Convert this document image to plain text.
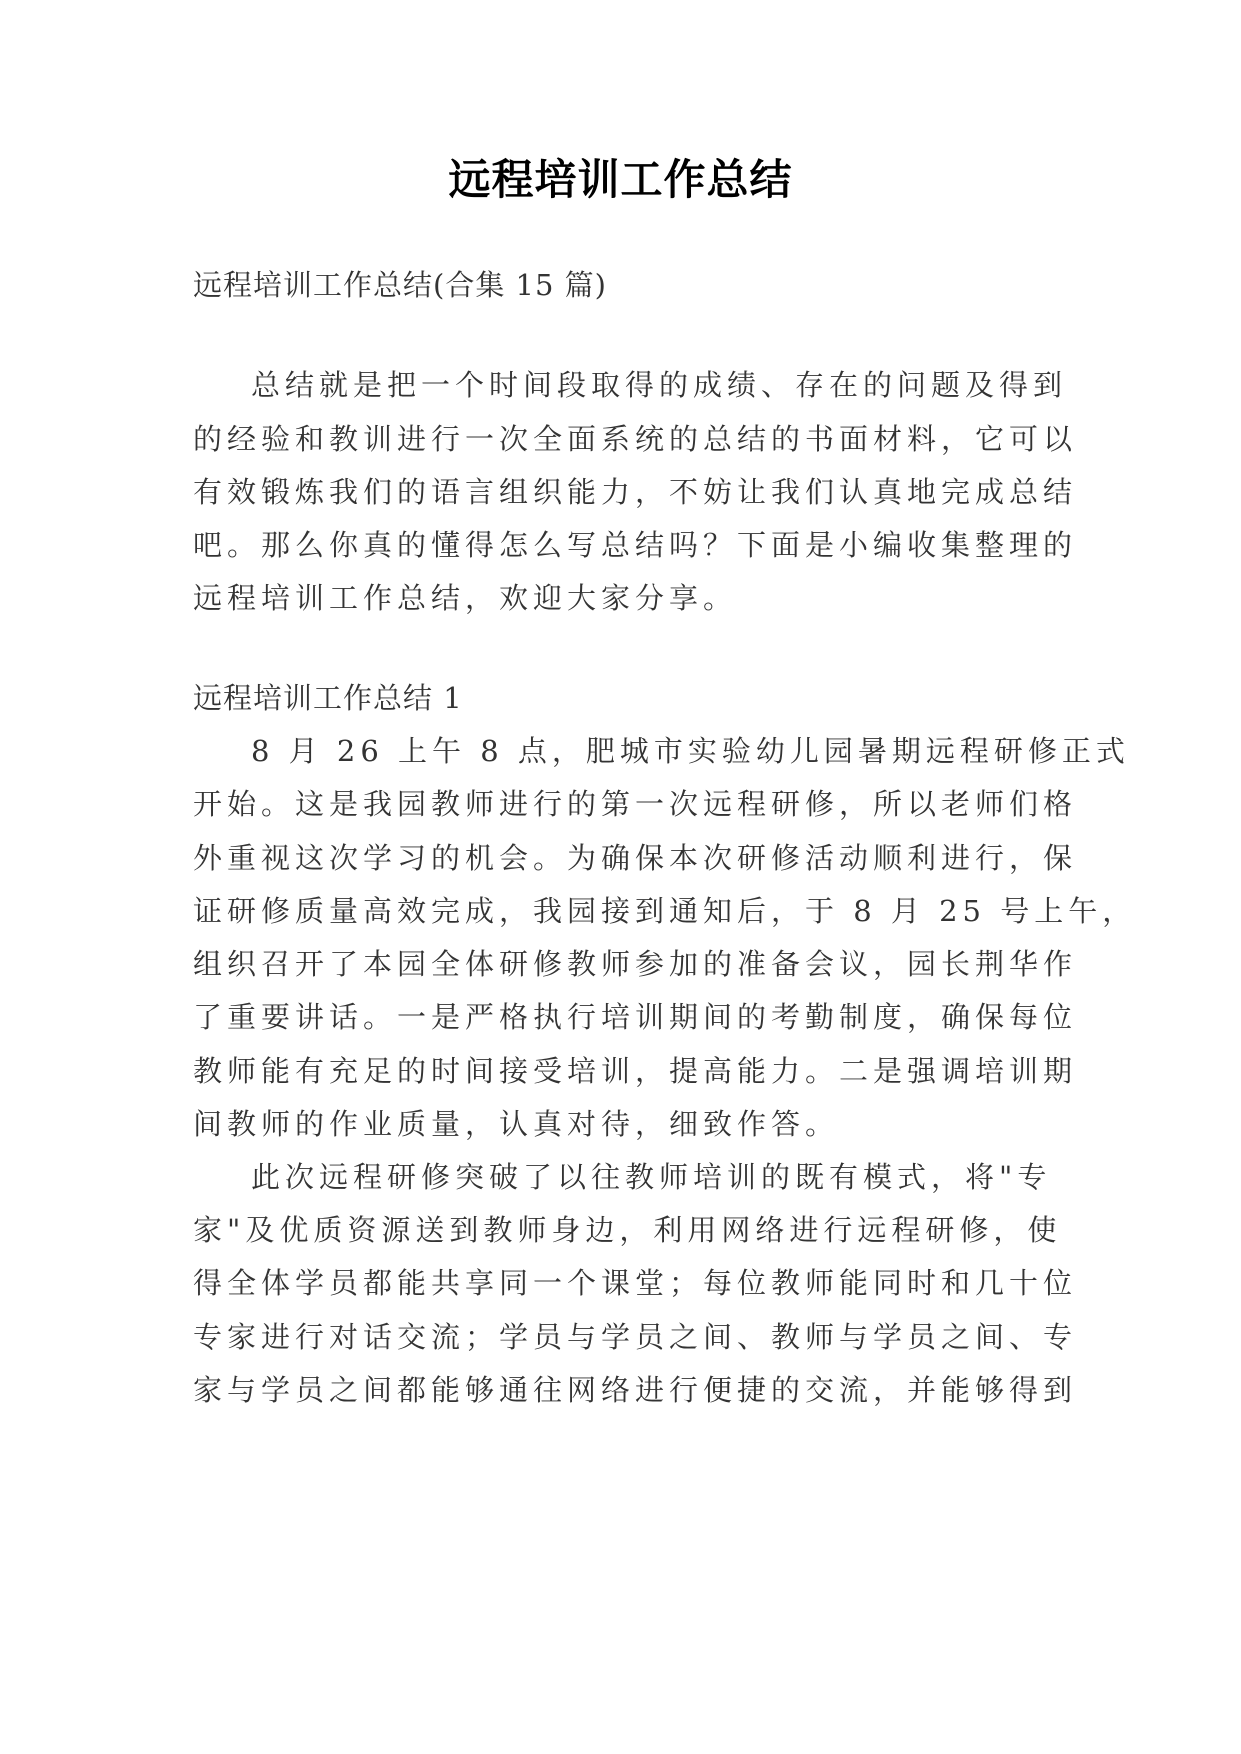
远程培训工作总结
远程培训工作总结(合集 15 篇)
总结就是把一个时间段取得的成绩、存在的问题及得到
的经验和教训进行一次全面系统的总结的书面材料，它可以
有效锻炼我们的语言组织能力，不妨让我们认真地完成总结
吧。那么你真的懂得怎么写总结吗？下面是小编收集整理的
远程培训工作总结，欢迎大家分享。
远程培训工作总结 1
8 月 26 上午 8 点，肥城市实验幼儿园暑期远程研修正式
开始。这是我园教师进行的第一次远程研修，所以老师们格
外重视这次学习的机会。为确保本次研修活动顺利进行，保
证研修质量高效完成，我园接到通知后，于 8 月 25 号上午，
组织召开了本园全体研修教师参加的准备会议，园长荆华作
了重要讲话。一是严格执行培训期间的考勤制度，确保每位
教师能有充足的时间接受培训，提高能力。二是强调培训期
间教师的作业质量，认真对待，细致作答。
此次远程研修突破了以往教师培训的既有模式，将"专
家"及优质资源送到教师身边，利用网络进行远程研修，使
得全体学员都能共享同一个课堂；每位教师能同时和几十位
专家进行对话交流；学员与学员之间、教师与学员之间、专
家与学员之间都能够通往网络进行便捷的交流，并能够得到
